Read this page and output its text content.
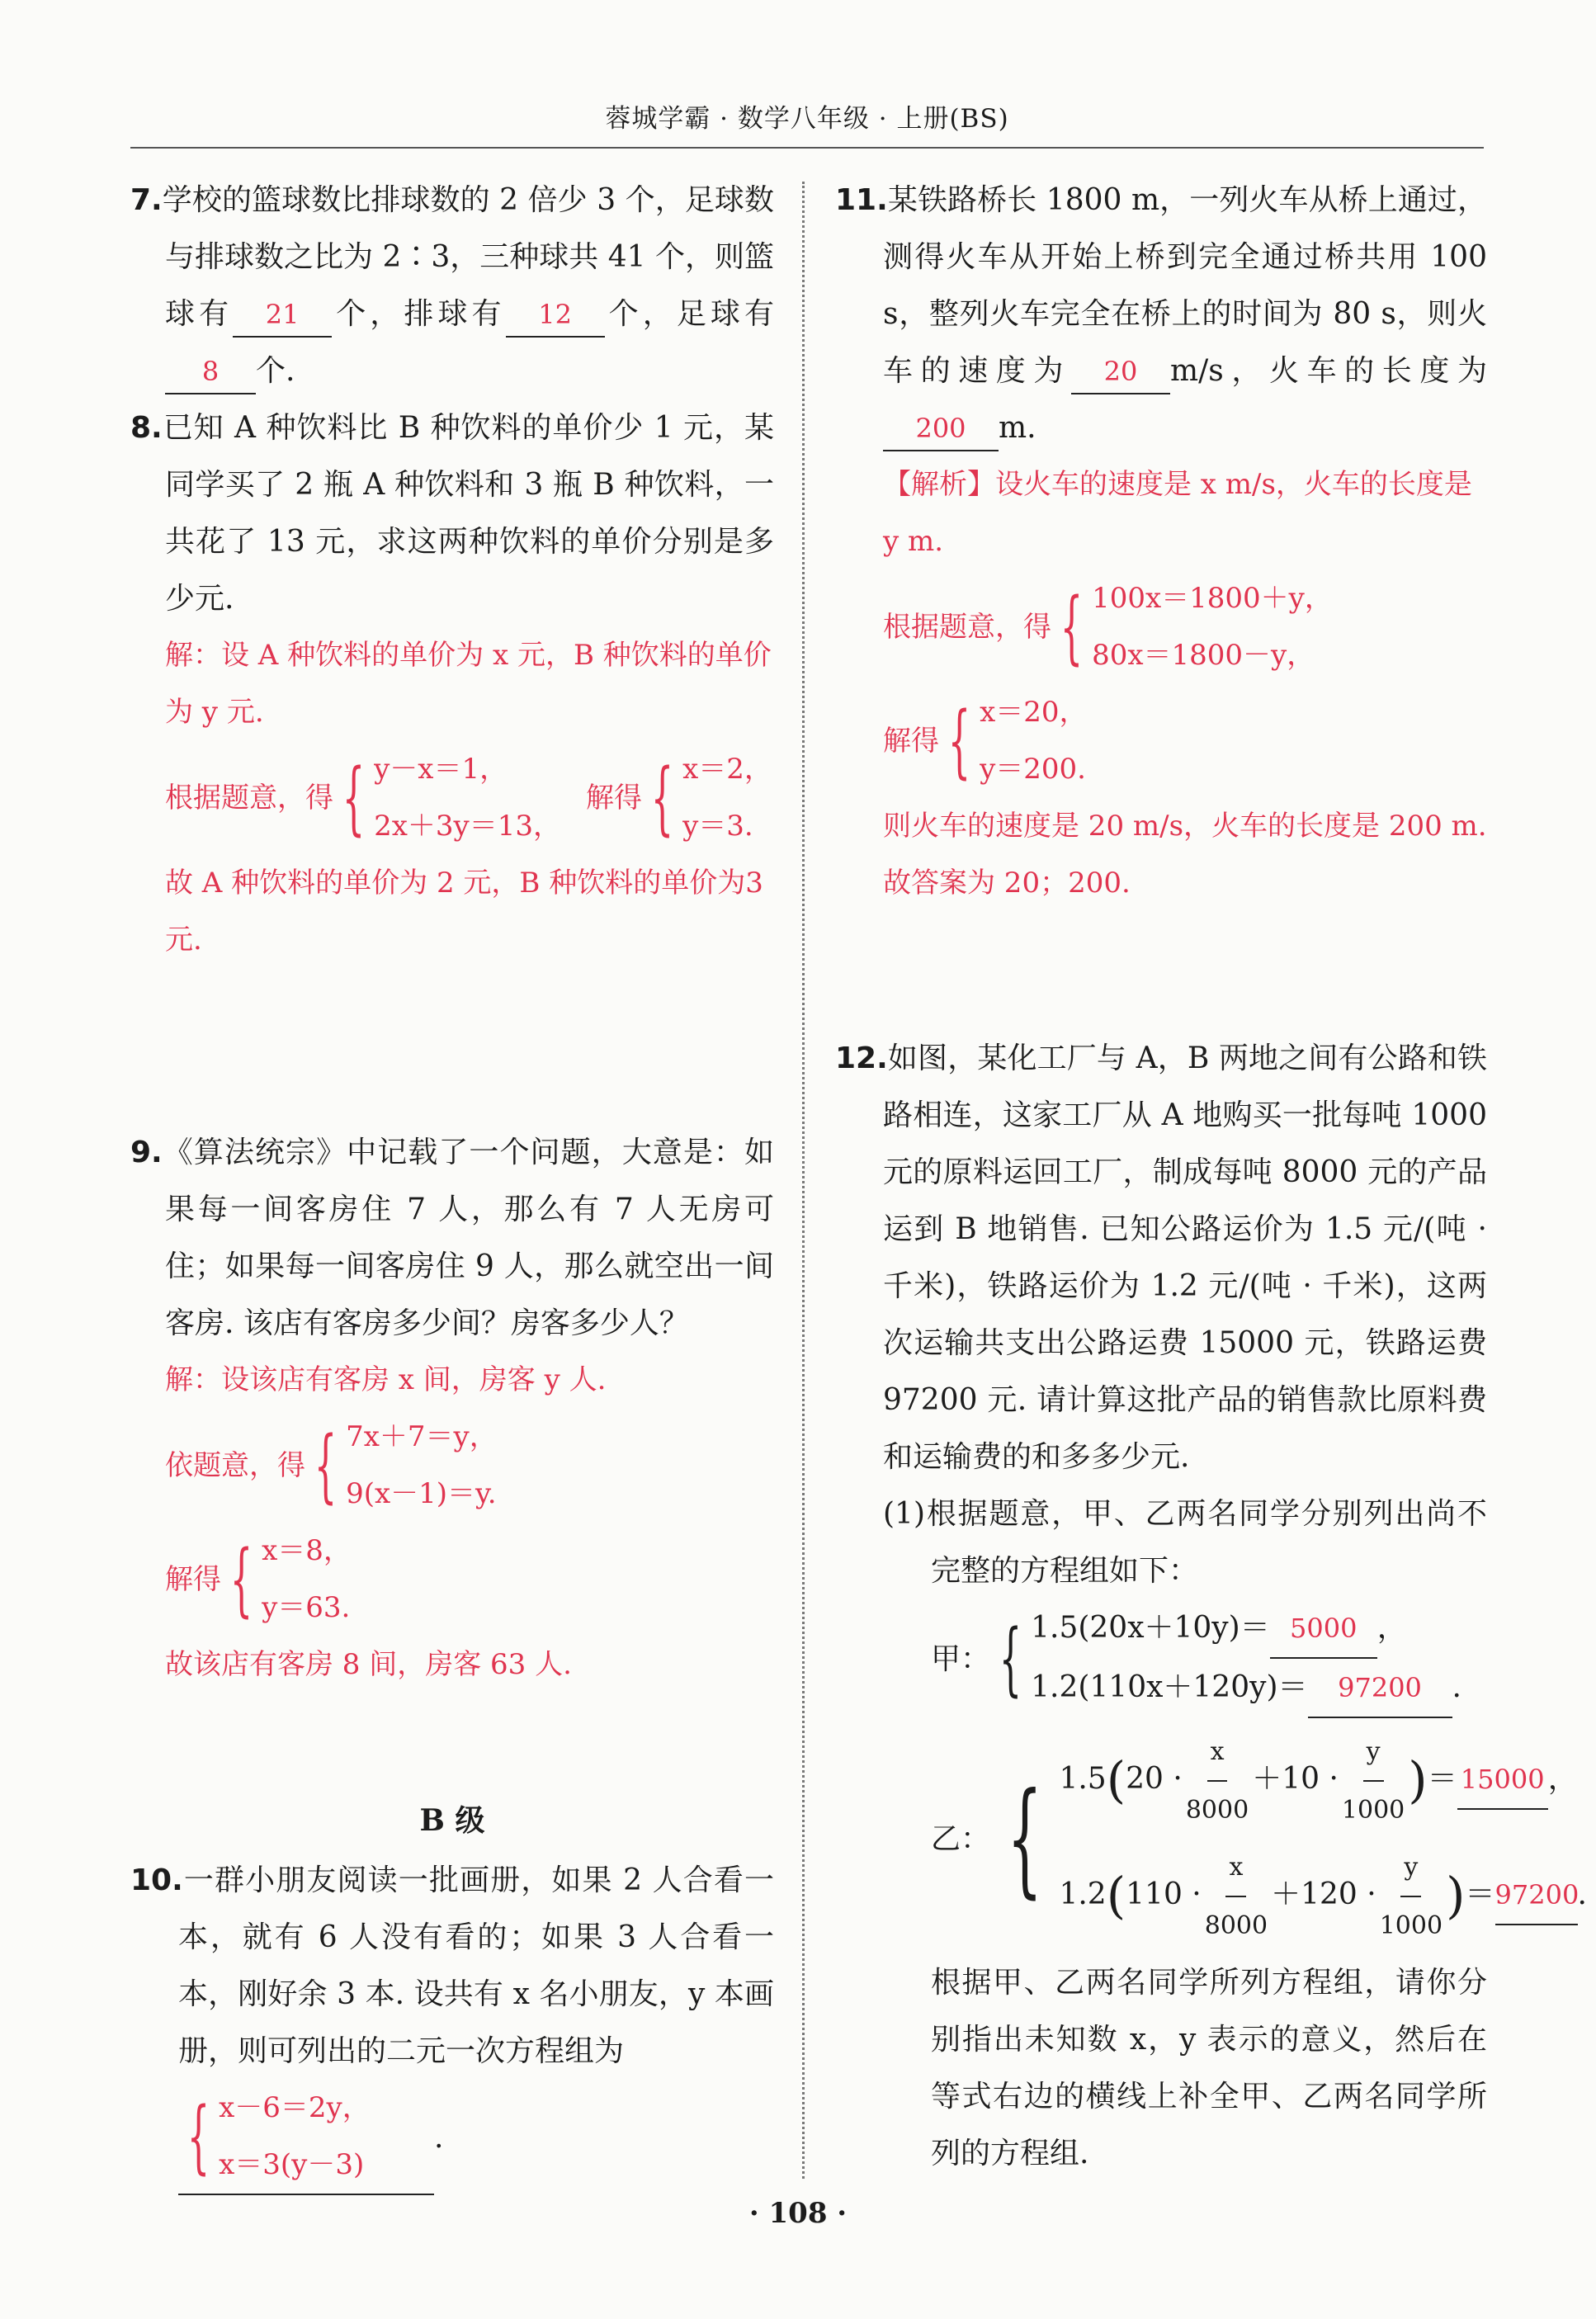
蓉城学霸 · 数学八年级 · 上册(BS)
7.学校的篮球数比排球数的 2 倍少 3 个，足球数与排球数之比为 2∶3，三种球共 41 个，则篮球有 21 个，排球有 12 个，足球有8 个.
8.已知 A 种饮料比 B 种饮料的单价少 1 元，某同学买了 2 瓶 A 种饮料和 3 瓶 B 种饮料，一共花了 13 元，求这两种饮料的单价分别是多少元.
解：设 A 种饮料的单价为 x 元，B 种饮料的单价为 y 元.
根据题意，得 { y－x＝1，
2x＋3y＝13，
解得 { x＝2，
y＝3.
故 A 种饮料的单价为 2 元，B 种饮料的单价为3 元.
9.《算法统宗》中记载了一个问题，大意是：如果每一间客房住 7 人，那么有 7 人无房可住；如果每一间客房住 9 人，那么就空出一间客房. 该店有客房多少间？房客多少人？
解：设该店有客房 x 间，房客 y 人.
依题意，得 { 7x＋7＝y，
9(x－1)＝y.
解得 { x＝8，
y＝63.
故该店有客房 8 间，房客 63 人.
B 级
10.一群小朋友阅读一批画册，如果 2 人合看一本，就有 6 人没有看的；如果 3 人合看一本，刚好余 3 本. 设共有 x 名小朋友，y 本画册，则可列出的二元一次方程组为
{ x－6＝2y，
x＝3(y－3)
.
11.某铁路桥长 1800 m，一列火车从桥上通过，测得火车从开始上桥到完全通过桥共用 100 s，整列火车完全在桥上的时间为 80 s，则火车的速度为 20 m/s，火车的长度为200 m.
【解析】设火车的速度是 x m/s，火车的长度是 y m.
根据题意，得 { 100x＝1800＋y，
80x＝1800－y，
解得 { x＝20，
y＝200.
则火车的速度是 20 m/s，火车的长度是 200 m.
故答案为 20；200.
12.如图，某化工厂与 A，B 两地之间有公路和铁路相连，这家工厂从 A 地购买一批每吨 1000 元的原料运回工厂，制成每吨 8000 元的产品运到 B 地销售. 已知公路运价为 1.5 元/(吨 · 千米)，铁路运价为 1.2 元/(吨 · 千米)，这两次运输共支出公路运费 15000 元，铁路运费 97200 元. 请计算这批产品的销售款比原料费和运输费的和多多少元.
(1)根据题意，甲、乙两名同学分别列出尚不完整的方程组如下：
甲： { 1.5(20x＋10y)＝ 5000 ，
1.2(110x＋120y)＝ 97200 .
乙： { $1.5(20 \cdot \frac{x}{8000} +10 \cdot \frac{y}{1000}$ )＝ 15000 ，
$1.2(110 \cdot \frac{x}{8000} +120 \cdot \frac{y}{1000} )=97200$.
根据甲、乙两名同学所列方程组，请你分别指出未知数 x，y 表示的意义，然后在等式右边的横线上补全甲、乙两名同学所列的方程组.
· 108 ·
